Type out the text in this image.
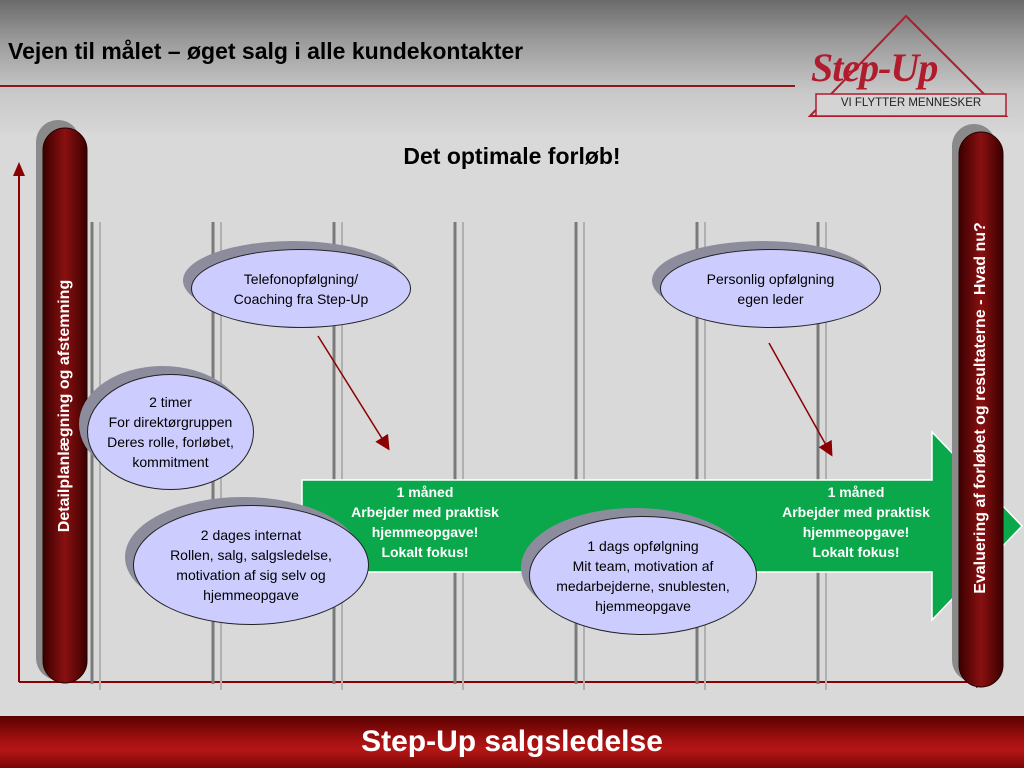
Vejen til målet – øget salg i alle kundekontakter	Step-Up
VI FLYTTER MENNESKER
Det optimale forløb!
Detailplanlægning og afstemning	Evaluering af forløbet og resultaterne - Hvad nu?
1 måned
Arbejder med praktisk
hjemmeopgave!
Lokalt fokus!
1 måned
Arbejder med praktisk
hjemmeopgave!
Lokalt fokus!
2 timer
For direktørgruppen
Deres rolle, forløbet,
kommitment
2 dages internat
Rollen, salg, salgsledelse,
motivation af sig selv og
hjemmeopgave
Telefonopfølgning/
Coaching fra Step-Up
1 dags opfølgning
Mit team, motivation af
medarbejderne, snublesten,
hjemmeopgave
Personlig opfølgning
egen leder
Step-Up salgsledelse
